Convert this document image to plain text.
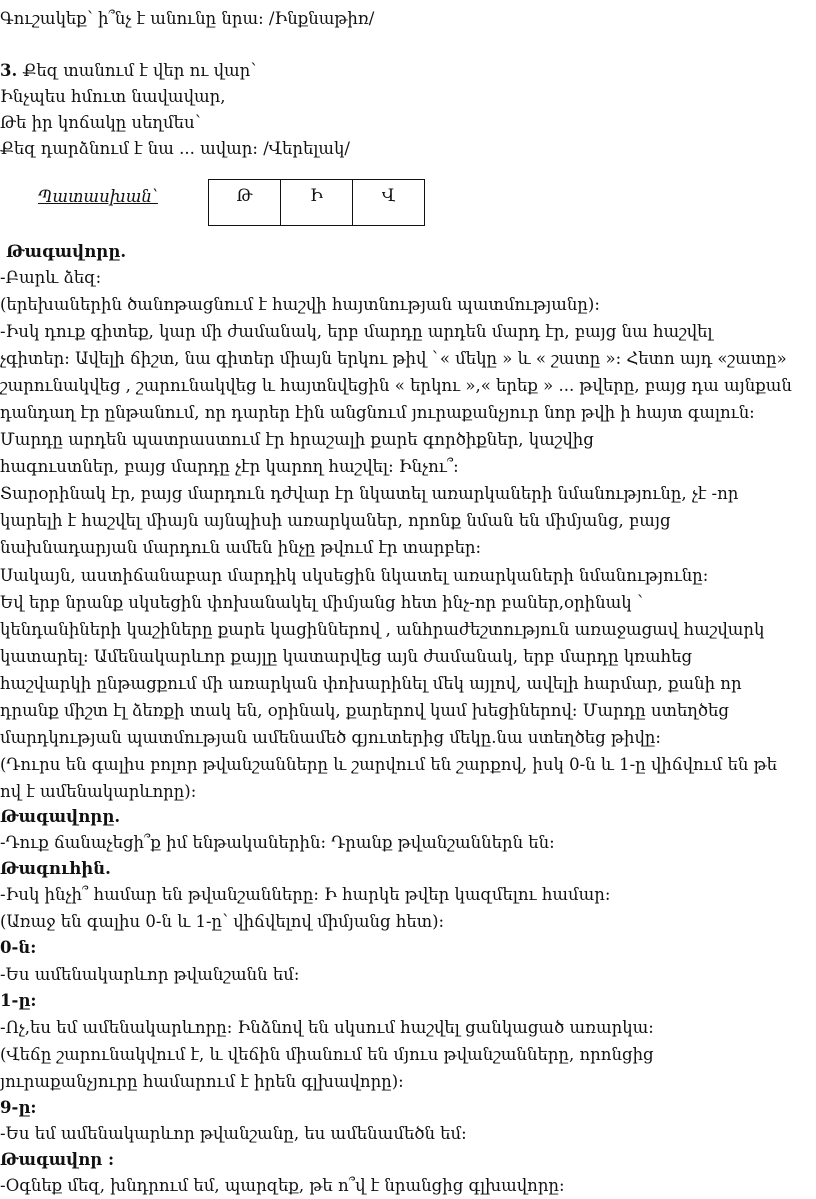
Գուշակեք՝ ի՞նչ է անունը նրա: /Ինքնաթիռ/
3. Քեզ տանում է վեր ու վար՝
Ինչպես հմուտ նավավար,
Թե իր կոճակը սեղմես՝
Քեզ դարձնում է նա ... ավար: /Վերելակ/
Պատասխան՝	Թ	Ի	Վ
Թագավորը.
-Բարև ձեզ:
(երեխաներին ծանոթացնում է հաշվի հայտնության պատմությանը):
-Իսկ դուք գիտեք, կար մի ժամանակ, երբ մարդը արդեն մարդ էր, բայց նա հաշվել
չգիտեր: Ավելի ճիշտ, նա գիտեր միայն երկու թիվ `« մեկը » և « շատը »: Հետո այդ «շատը»
շարունակվեց , շարունակվեց և հայտնվեցին « երկու »,« երեք » ... թվերը, բայց դա այնքան
դանդաղ էր ընթանում, որ դարեր էին անցնում յուրաքանչյուր նոր թվի ի հայտ գալուն:
Մարդը արդեն պատրաստում էր հրաշալի քարե գործիքներ, կաշվից
հագուստներ, բայց մարդը չէր կարող հաշվել: Ինչու՞:
Տարօրինակ էր, բայց մարդուն դժվար էր նկատել առարկաների նմանությունը, չէ -որ
կարելի է հաշվել միայն այնպիսի առարկաներ, որոնք նման են միմյանց, բայց
նախնադարյան մարդուն ամեն ինչը թվում էր տարբեր:
Սակայն, աստիճանաբար մարդիկ սկսեցին նկատել առարկաների նմանությունը:
Եվ երբ նրանք սկսեցին փոխանակել միմյանց հետ ինչ-որ բաներ,օրինակ `
կենդանիների կաշիները քարե կացիններով , անհրաժեշտություն առաջացավ հաշվարկ
կատարել: Ամենակարևոր քայլը կատարվեց այն ժամանակ, երբ մարդը կռահեց
հաշվարկի ընթացքում մի առարկան փոխարինել մեկ այլով, ավելի հարմար, քանի որ
դրանք միշտ էլ ձեռքի տակ են, օրինակ, քարերով կամ խեցիներով: Մարդը ստեղծեց
մարդկության պատմության ամենամեծ գյուտերից մեկը.նա ստեղծեց թիվը:
(Դուրս են գալիս բոլոր թվանշանները և շարվում են շարքով, իսկ 0-ն և 1-ը վիճվում են թե
ով է ամենակարևորը):
Թագավորը.
-Դուք ճանաչեցի՞ք իմ ենթականերին: Դրանք թվանշաններն են:
Թագուհին.
-Իսկ ինչի՞ համար են թվանշանները: Ի հարկե թվեր կազմելու համար:
(Առաջ են գալիս 0-ն և 1-ը՝ վիճվելով միմյանց հետ):
0-ն:
-Ես ամենակարևոր թվանշանն եմ:
1-ը:
-Ոչ,ես եմ ամենակարևորը: Ինձնով են սկսում հաշվել ցանկացած առարկա:
(Վեճը շարունակվում է, և վեճին միանում են մյուս թվանշանները, որոնցից
յուրաքանչյուրը համարում է իրեն գլխավորը):
9-ը:
-Ես եմ ամենակարևոր թվանշանը, ես ամենամեծն եմ:
Թագավոր :
-Օգնեք մեզ, խնդրում եմ, պարզեք, թե ո՞վ է նրանցից գլխավորը:
